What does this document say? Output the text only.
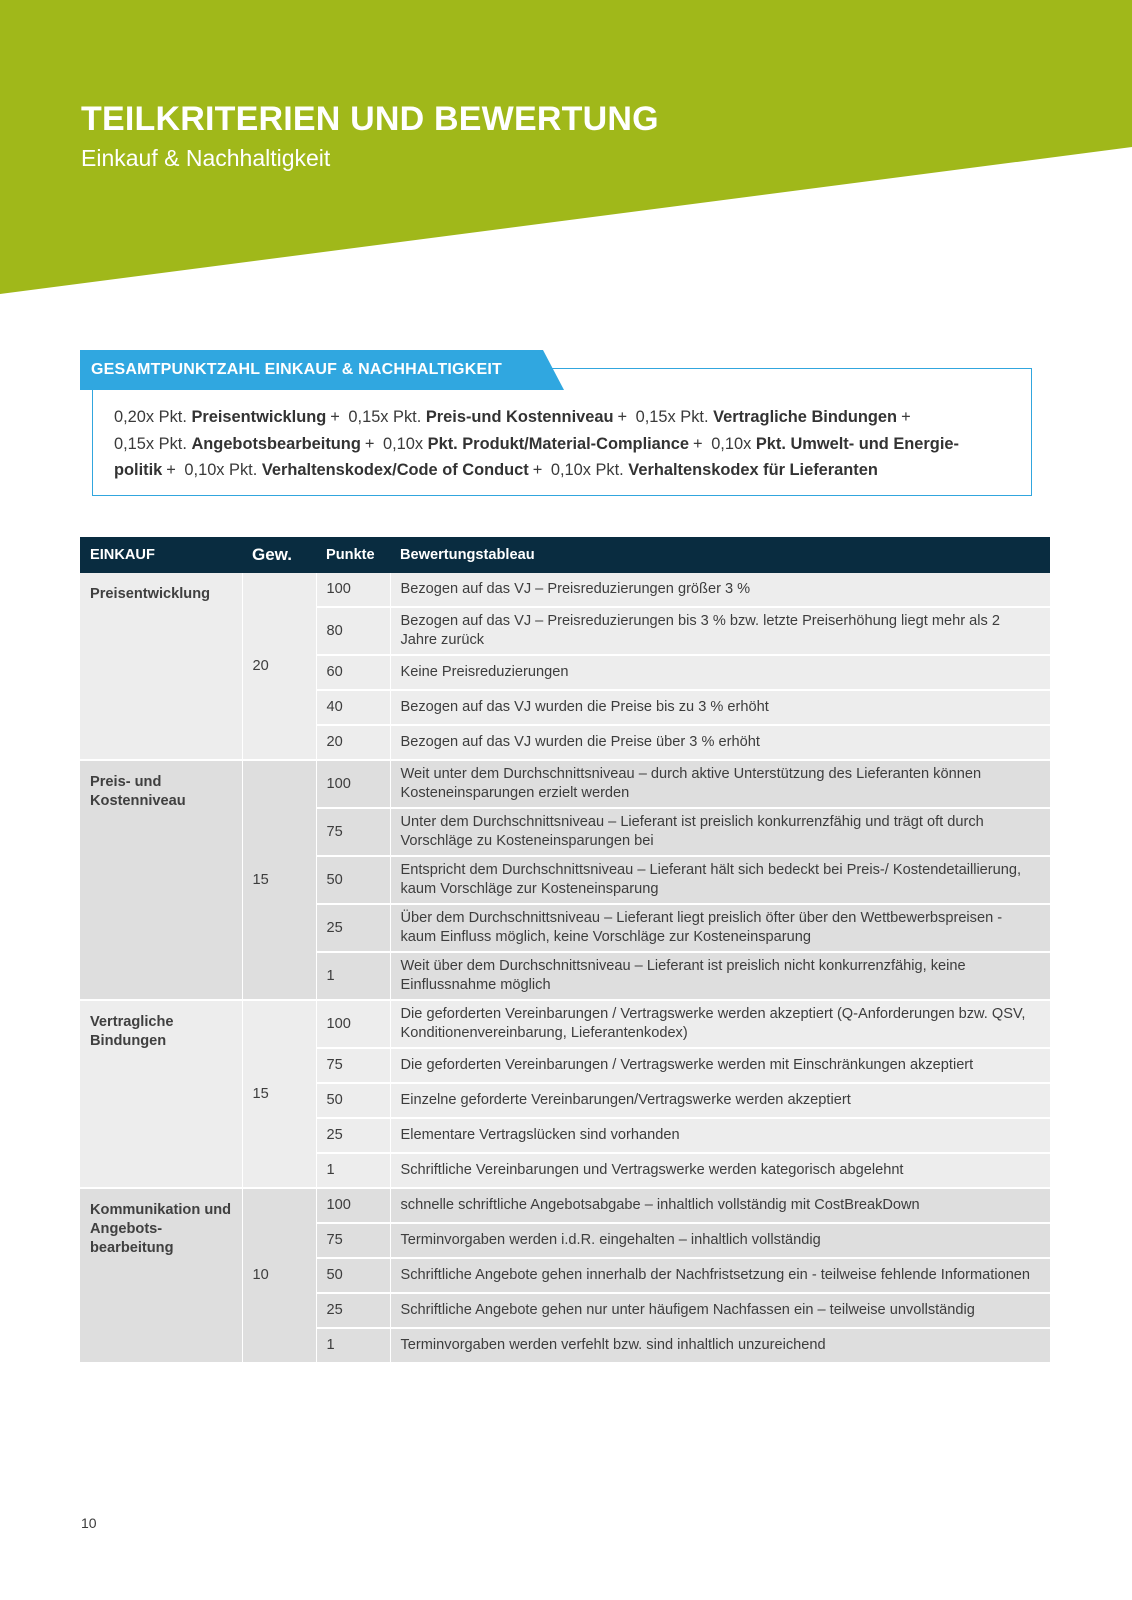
TEILKRITERIEN UND BEWERTUNG
Einkauf & Nachhaltigkeit
GESAMTPUNKTZAHL EINKAUF & NACHHALTIGKEIT
0,20x Pkt. Preisentwicklung + 0,15x Pkt. Preis-und Kostenniveau + 0,15x Pkt. Vertragliche Bindungen +
0,15x Pkt. Angebotsbearbeitung + 0,10x Pkt. Produkt/Material-Compliance + 0,10x Pkt. Umwelt- und Energie-
politik + 0,10x Pkt. Verhaltenskodex/Code of Conduct + 0,10x Pkt. Verhaltenskodex für Lieferanten
EINKAUF	Gew.	Punkte	Bewertungstableau
Preisentwicklung	20	100	Bezogen auf das VJ – Preisreduzierungen größer 3 %
		80	Bezogen auf das VJ – Preisreduzierungen bis 3 % bzw. letzte Preiserhöhung liegt mehr als 2 Jahre zurück
		60	Keine Preisreduzierungen
		40	Bezogen auf das VJ wurden die Preise bis zu 3 % erhöht
		20	Bezogen auf das VJ wurden die Preise über 3 % erhöht
Preis- und Kostenniveau	15	100	Weit unter dem Durchschnittsniveau – durch aktive Unterstützung des Lieferanten können Kosteneinsparungen erzielt werden
		75	Unter dem Durchschnittsniveau – Lieferant ist preislich konkurrenzfähig und trägt oft durch Vorschläge zu Kosteneinsparungen bei
		50	Entspricht dem Durchschnittsniveau – Lieferant hält sich bedeckt bei Preis-/ Kostendetaillierung, kaum Vorschläge zur Kosteneinsparung
		25	Über dem Durchschnittsniveau – Lieferant liegt preislich öfter über den Wettbewerbspreisen - kaum Einfluss möglich, keine Vorschläge zur Kosteneinsparung
		1	Weit über dem Durchschnittsniveau – Lieferant ist preislich nicht konkurrenzfähig, keine Einflussnahme möglich
Vertragliche Bindungen	15	100	Die geforderten Vereinbarungen / Vertragswerke werden akzeptiert (Q-Anforderungen bzw. QSV, Konditionenvereinbarung, Lieferantenkodex)
		75	Die geforderten Vereinbarungen / Vertragswerke werden mit Einschränkungen akzeptiert
		50	Einzelne geforderte Vereinbarungen/Vertragswerke werden akzeptiert
		25	Elementare Vertragslücken sind vorhanden
		1	Schriftliche Vereinbarungen und Vertragswerke werden kategorisch abgelehnt
Kommunikation und Angebots-bearbeitung	10	100	schnelle schriftliche Angebotsabgabe – inhaltlich vollständig mit CostBreakDown
		75	Terminvorgaben werden i.d.R. eingehalten – inhaltlich vollständig
		50	Schriftliche Angebote gehen innerhalb der Nachfristsetzung ein - teilweise fehlende Informationen
		25	Schriftliche Angebote gehen nur unter häufigem Nachfassen ein – teilweise unvollständig
		1	Terminvorgaben werden verfehlt bzw. sind inhaltlich unzureichend
10
